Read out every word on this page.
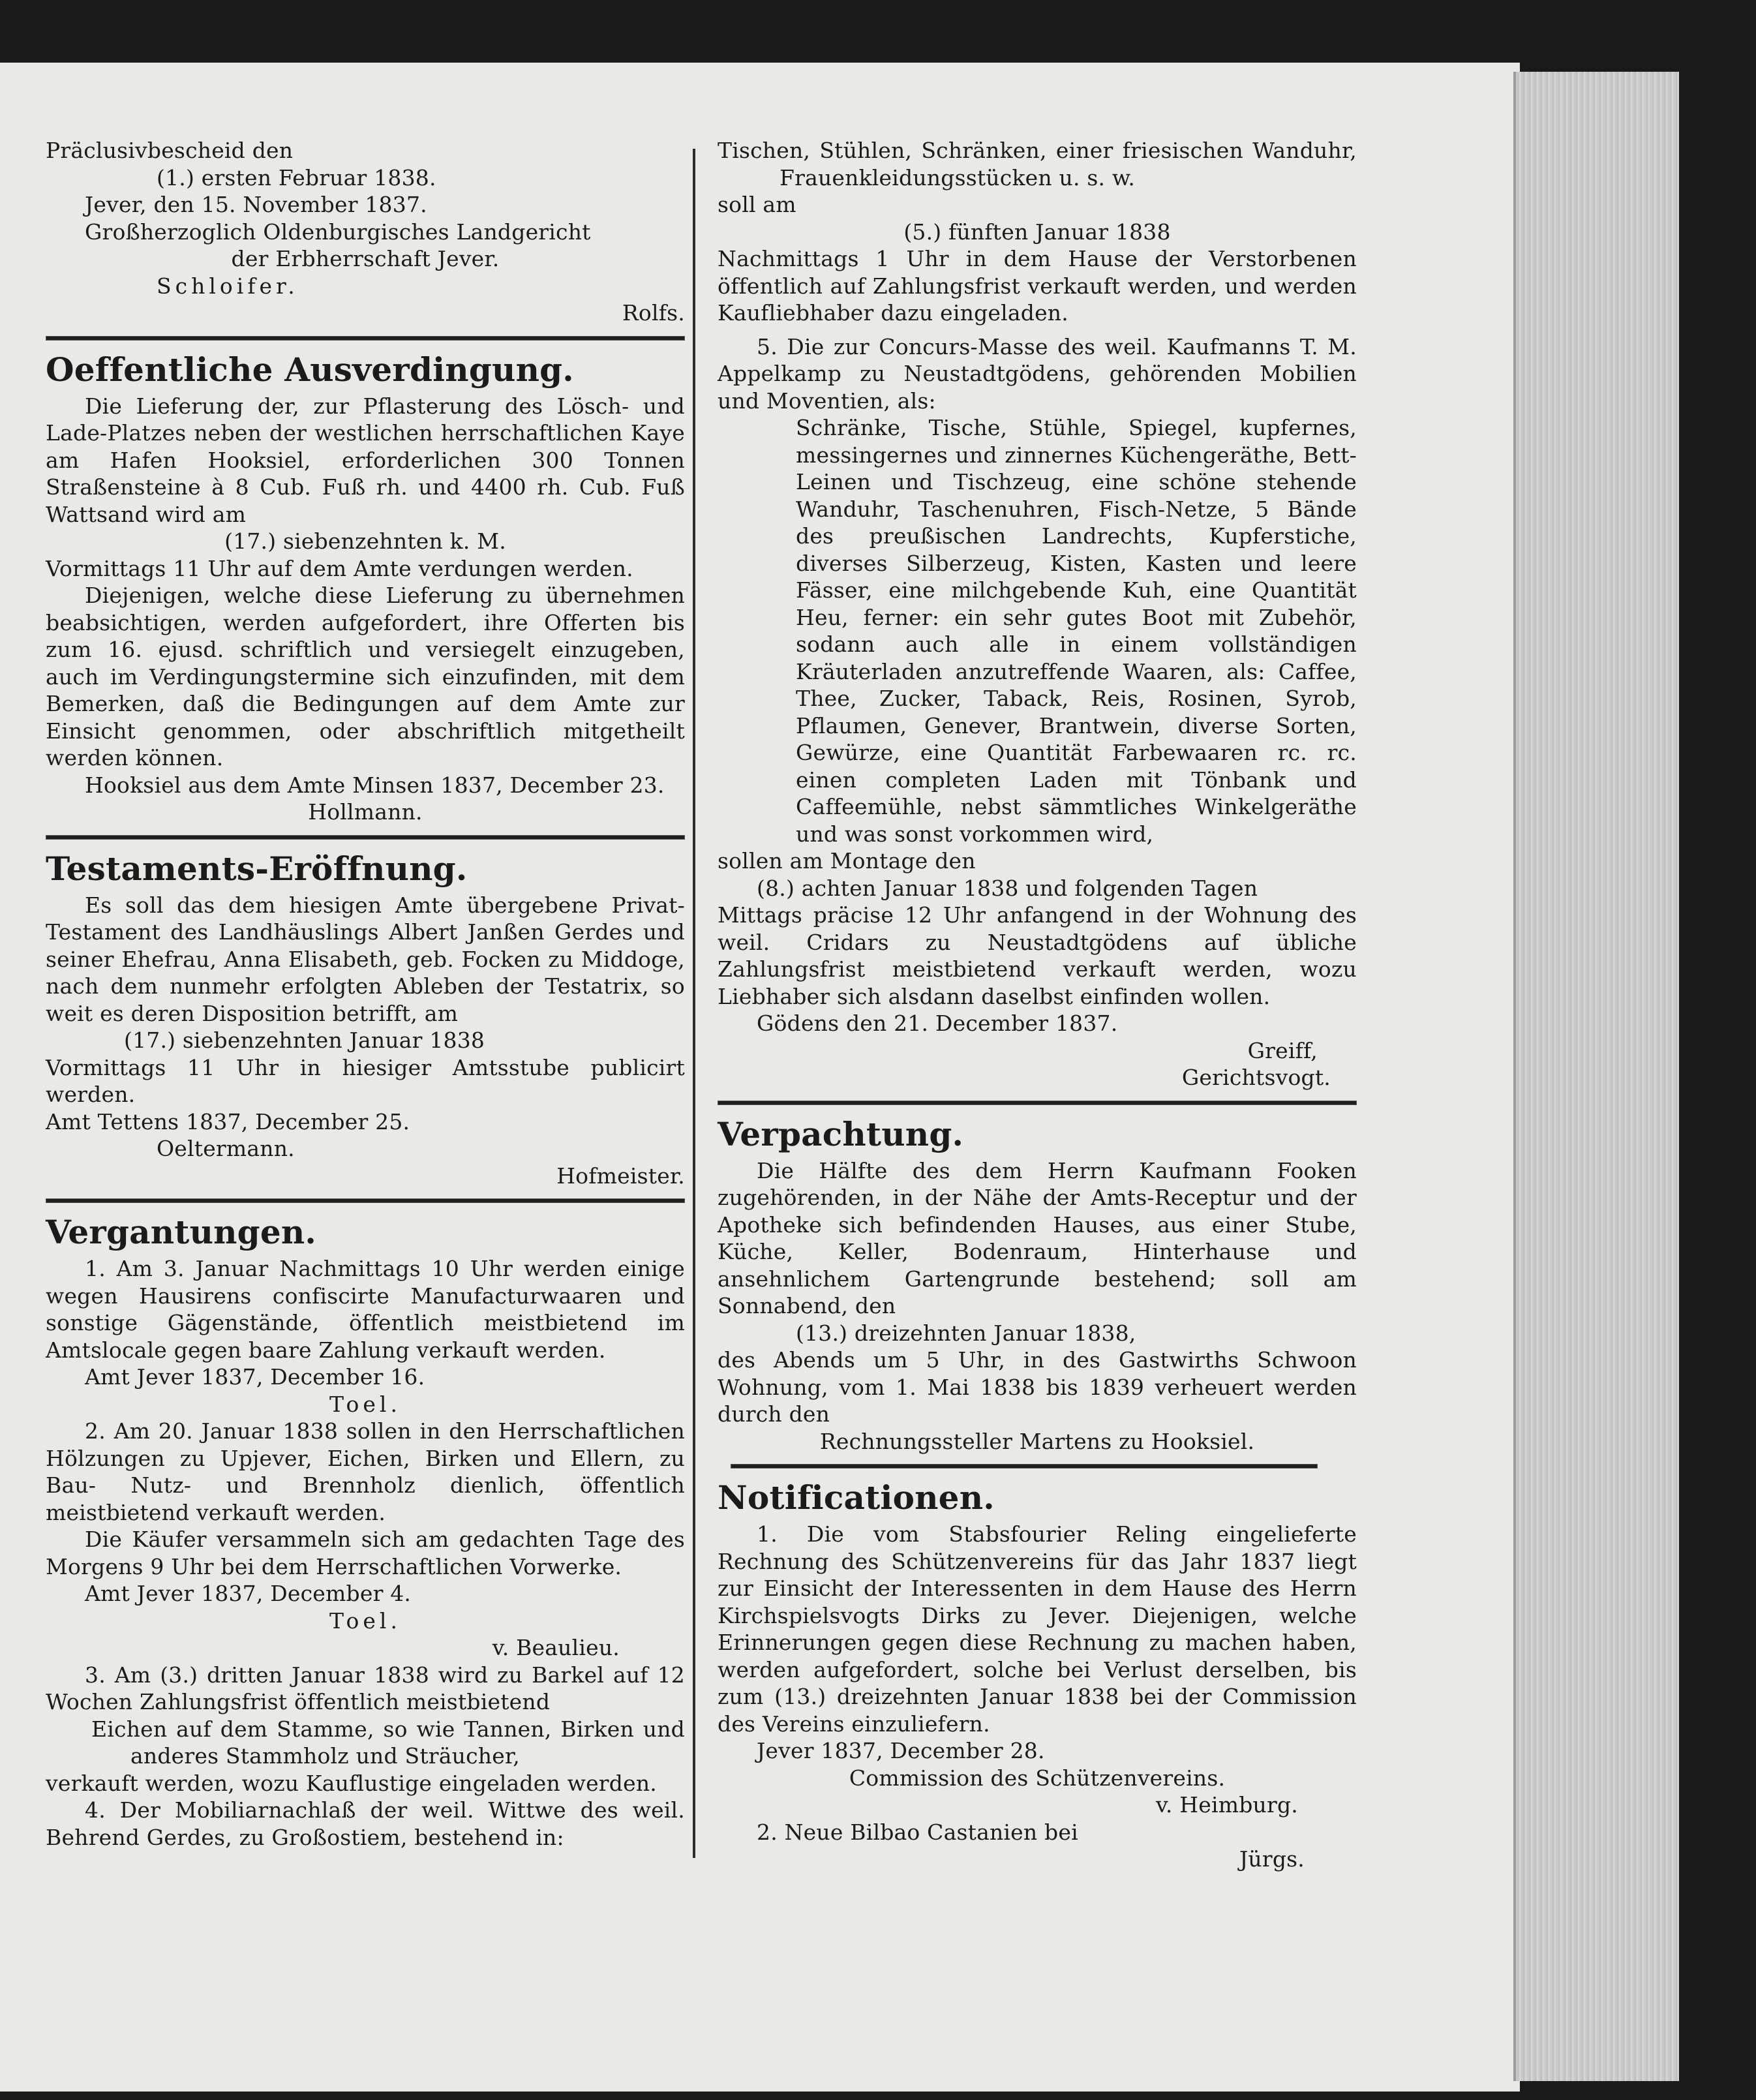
Präclusivbescheid den

(1.) ersten Februar 1838.

Jever, den 15. November 1837.

Großherzoglich Oldenburgisches Landgericht

der Erbherrschaft Jever.

Schloifer.

Rolfs.

Oeffentliche Ausverdingung.

Die Lieferung der, zur Pflasterung des Lösch- und Lade-Platzes neben der westlichen herrschaftlichen Kaye am Hafen Hooksiel, erforderlichen 300 Tonnen Straßensteine à 8 Cub. Fuß rh. und 4400 rh. Cub. Fuß Wattsand wird am

(17.) siebenzehnten k. M.

Vormittags 11 Uhr auf dem Amte verdungen werden.

Diejenigen, welche diese Lieferung zu übernehmen beabsichtigen, werden aufgefordert, ihre Offerten bis zum 16. ejusd. schriftlich und versiegelt einzugeben, auch im Verdingungstermine sich einzufinden, mit dem Bemerken, daß die Bedingungen auf dem Amte zur Einsicht genommen, oder abschriftlich mitgetheilt werden können.

Hooksiel aus dem Amte Minsen 1837, December 23.

Hollmann.

Testaments-Eröffnung.

Es soll das dem hiesigen Amte übergebene Privat-Testament des Landhäuslings Albert Janßen Gerdes und seiner Ehefrau, Anna Elisabeth, geb. Focken zu Middoge, nach dem nunmehr erfolgten Ableben der Testatrix, so weit es deren Disposition betrifft, am

(17.) siebenzehnten Januar 1838

Vormittags 11 Uhr in hiesiger Amtsstube publicirt werden.

Amt Tettens 1837, December 25.

Oeltermann.

Hofmeister.

Vergantungen.

1. Am 3. Januar Nachmittags 10 Uhr werden einige wegen Hausirens confiscirte Manufacturwaaren und sonstige Gägenstände, öffentlich meistbietend im Amtslocale gegen baare Zahlung verkauft werden.

Amt Jever 1837, December 16.

Toel.

2. Am 20. Januar 1838 sollen in den Herrschaftlichen Hölzungen zu Upjever, Eichen, Birken und Ellern, zu Bau- Nutz- und Brennholz dienlich, öffentlich meistbietend verkauft werden.

Die Käufer versammeln sich am gedachten Tage des Morgens 9 Uhr bei dem Herrschaftlichen Vorwerke.

Amt Jever 1837, December 4.

Toel.

v. Beaulieu.

3. Am (3.) dritten Januar 1838 wird zu Barkel auf 12 Wochen Zahlungsfrist öffentlich meistbietend

Eichen auf dem Stamme, so wie Tannen, Birken und anderes Stammholz und Sträucher,

verkauft werden, wozu Kauflustige eingeladen werden.

4. Der Mobiliarnachlaß der weil. Wittwe des weil. Behrend Gerdes, zu Großostiem, bestehend in:

Tischen, Stühlen, Schränken, einer friesischen Wanduhr, Frauenkleidungsstücken u. s. w.

soll am

(5.) fünften Januar 1838

Nachmittags 1 Uhr in dem Hause der Verstorbenen öffentlich auf Zahlungsfrist verkauft werden, und werden Kaufliebhaber dazu eingeladen.

5. Die zur Concurs-Masse des weil. Kaufmanns T. M. Appelkamp zu Neustadtgödens, gehörenden Mobilien und Moventien, als:

Schränke, Tische, Stühle, Spiegel, kupfernes, messingernes und zinnernes Küchengeräthe, Bett-Leinen und Tischzeug, eine schöne stehende Wanduhr, Taschenuhren, Fisch-Netze, 5 Bände des preußischen Landrechts, Kupferstiche, diverses Silberzeug, Kisten, Kasten und leere Fässer, eine milchgebende Kuh, eine Quantität Heu, ferner: ein sehr gutes Boot mit Zubehör, sodann auch alle in einem vollständigen Kräuterladen anzutreffende Waaren, als: Caffee, Thee, Zucker, Taback, Reis, Rosinen, Syrob, Pflaumen, Genever, Brantwein, diverse Sorten, Gewürze, eine Quantität Farbewaaren rc. rc. einen completen Laden mit Tönbank und Caffeemühle, nebst sämmtliches Winkelgeräthe und was sonst vorkommen wird,

sollen am Montage den

(8.) achten Januar 1838 und folgenden Tagen

Mittags präcise 12 Uhr anfangend in der Wohnung des weil. Cridars zu Neustadtgödens auf übliche Zahlungsfrist meistbietend verkauft werden, wozu Liebhaber sich alsdann daselbst einfinden wollen.

Gödens den 21. December 1837.

Greiff,

Gerichtsvogt.

Verpachtung.

Die Hälfte des dem Herrn Kaufmann Fooken zugehörenden, in der Nähe der Amts-Receptur und der Apotheke sich befindenden Hauses, aus einer Stube, Küche, Keller, Bodenraum, Hinterhause und ansehnlichem Gartengrunde bestehend; soll am Sonnabend, den

(13.) dreizehnten Januar 1838,

des Abends um 5 Uhr, in des Gastwirths Schwoon Wohnung, vom 1. Mai 1838 bis 1839 verheuert werden durch den

Rechnungssteller Martens zu Hooksiel.

Notificationen.

1. Die vom Stabsfourier Reling eingelieferte Rechnung des Schützenvereins für das Jahr 1837 liegt zur Einsicht der Interessenten in dem Hause des Herrn Kirchspielsvogts Dirks zu Jever. Diejenigen, welche Erinnerungen gegen diese Rechnung zu machen haben, werden aufgefordert, solche bei Verlust derselben, bis zum (13.) dreizehnten Januar 1838 bei der Commission des Vereins einzuliefern.

Jever 1837, December 28.

Commission des Schützenvereins.

v. Heimburg.

2. Neue Bilbao Castanien bei

Jürgs.
